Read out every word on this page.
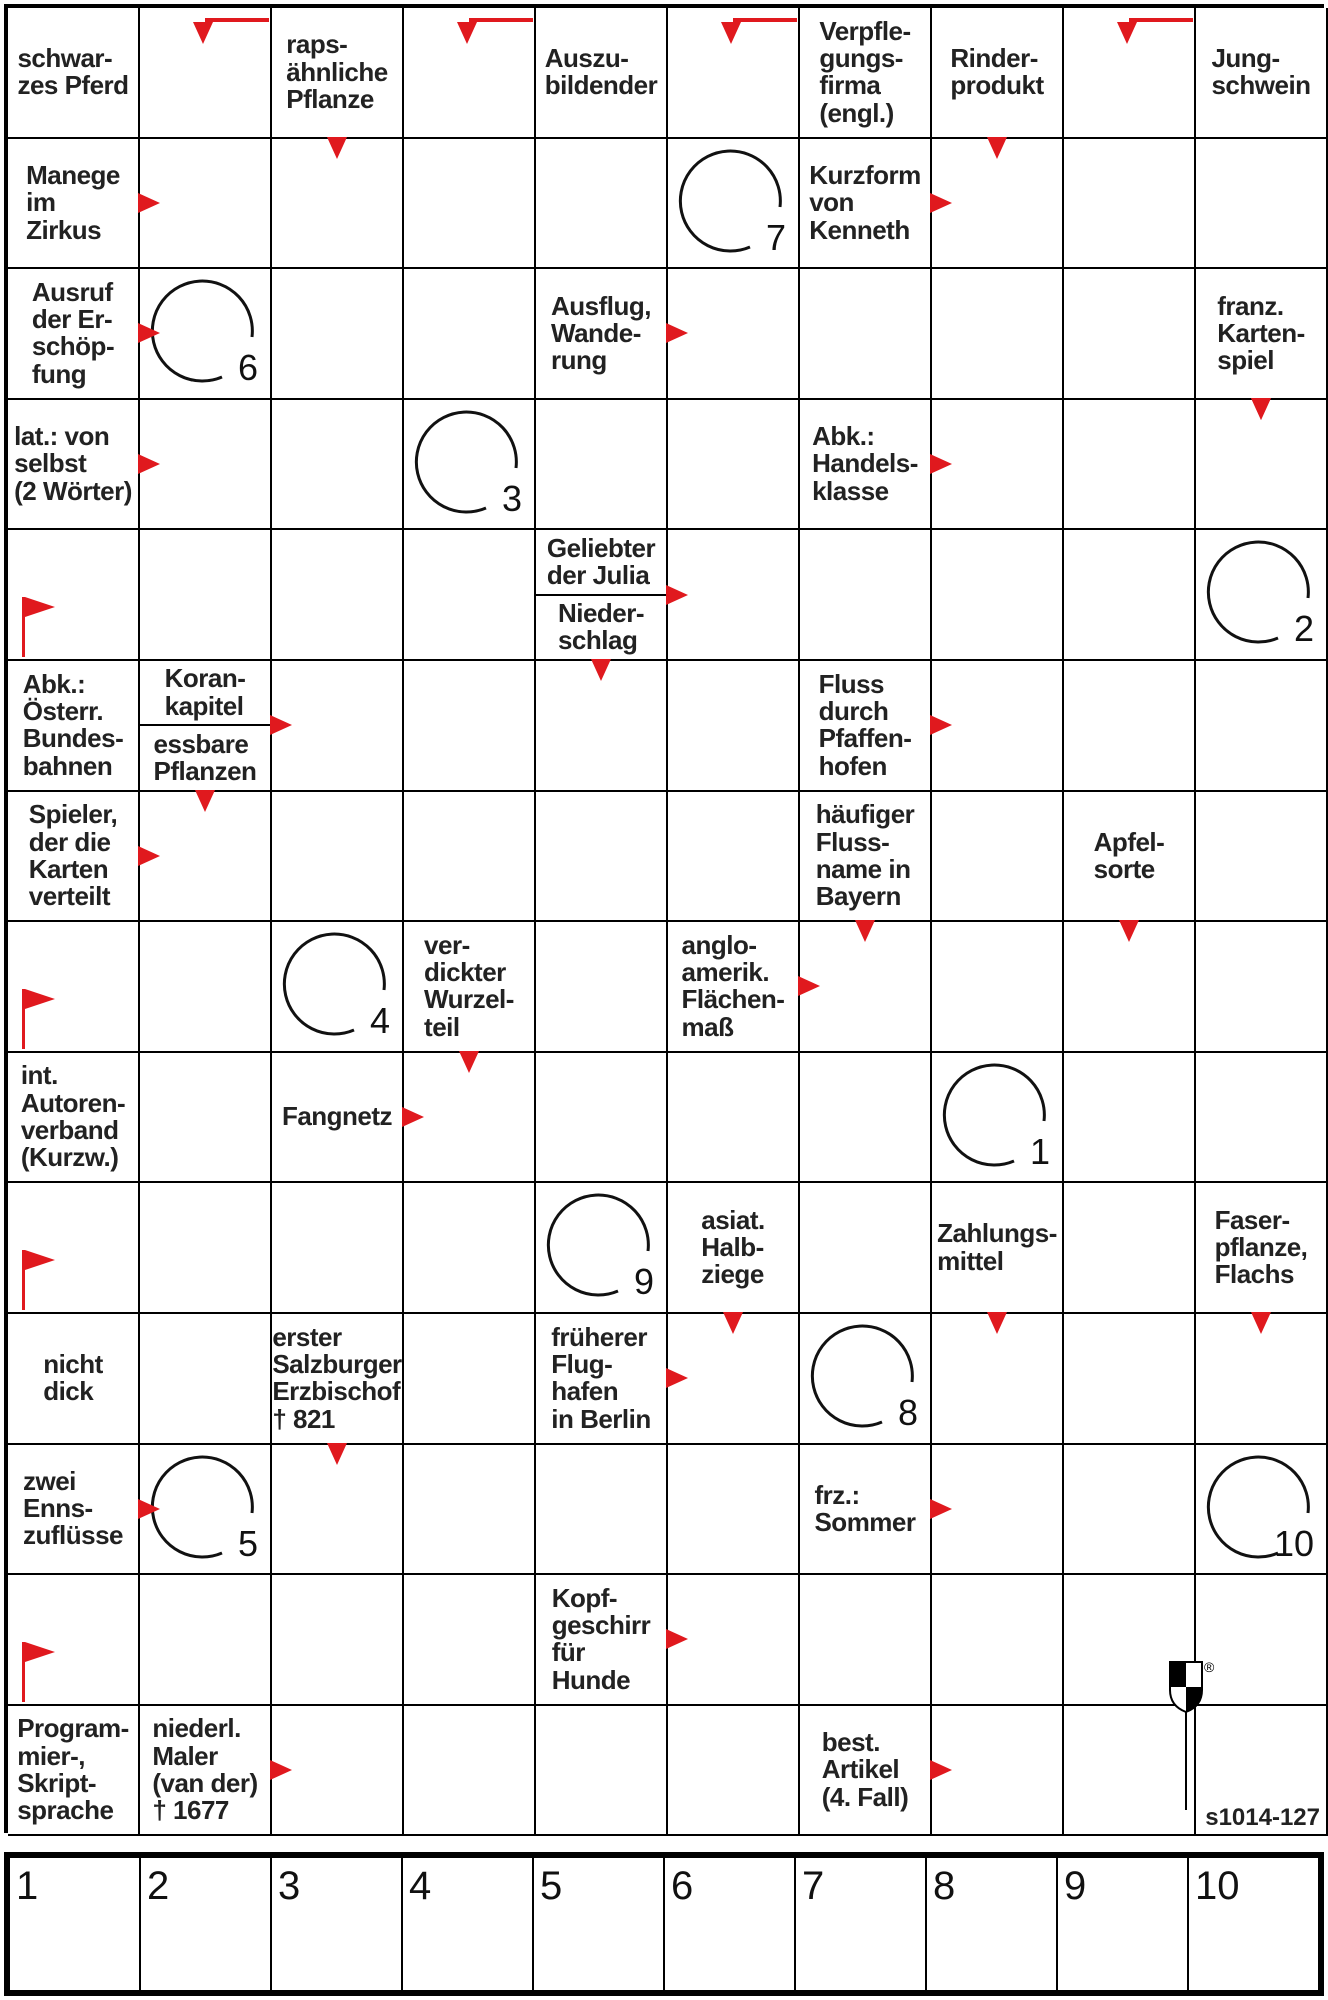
schwar-
zes Pferd
raps-
ähnliche
Pflanze
Auszu-
bildender
Verpfle-
gungs-
firma
(engl.)
Rinder-
produkt
Jung-
schwein
Manege
im
Zirkus	7
Kurzform
von
Kenneth
Ausruf
der Er-
schöp-
fung	6
Ausflug,
Wande-
rung
franz.
Karten-
spiel
lat.: von
selbst
(2 Wörter)	3
Abk.:
Handels-
klasse
Geliebter
der Julia
Nieder-
schlag	2
Abk.:
Österr.
Bundes-
bahnen
Koran-
kapitel
essbare
Pflanzen
Fluss
durch
Pfaffen-
hofen
Spieler,
der die
Karten
verteilt
häufiger
Fluss-
name in
Bayern
Apfel-
sorte
4
ver-
dickter
Wurzel-
teil
anglo-
amerik.
Flächen-
maß
int.
Autoren-
verband
(Kurzw.)
Fangnetz
1
9
asiat.
Halb-
ziege
Zahlungs-
mittel
Faser-
pflanze,
Flachs
nicht
dick
erster
Salzburger
Erzbischof
† 821
früherer
Flug-
hafen
in Berlin	8
zwei
Enns-
zuflüsse	5
frz.:
Sommer
10
Kopf-
geschirr
für
Hunde
Program-
mier-,
Skript-
sprache
niederl.
Maler
(van der)
† 1677
best.
Artikel
(4. Fall)
s1014-127
1	2	3	4	5	6	7	8	9	10
®
